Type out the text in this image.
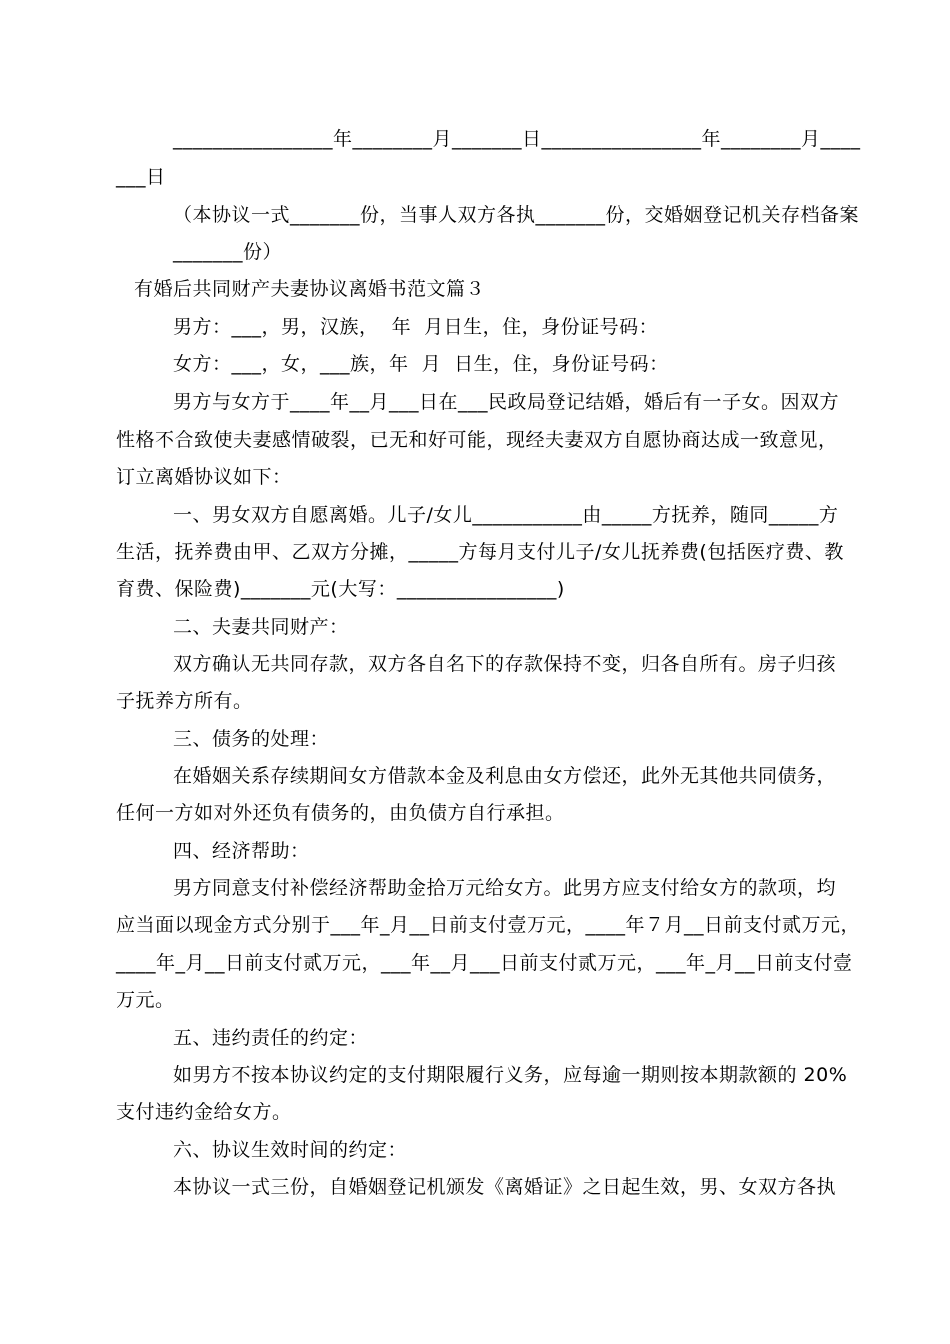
________________年________月_______日________________年________月____
___日
（本协议一式_______份，当事人双方各执_______份，交婚姻登记机关存档备案
_______份）
有婚后共同财产夫妻协议离婚书范文篇３
男方：___，男，汉族，  年  月日生，住，身份证号码：
女方：___，女，___族，年  月  日生，住，身份证号码：
男方与女方于____年__月___日在___民政局登记结婚，婚后有一子女。因双方
性格不合致使夫妻感情破裂，已无和好可能，现经夫妻双方自愿协商达成一致意见，
订立离婚协议如下：
一、男女双方自愿离婚。儿子/女儿___________由_____方抚养，随同_____方
生活，抚养费由甲、乙双方分摊，_____方每月支付儿子/女儿抚养费(包括医疗费、教
育费、保险费)_______元(大写：________________)
二、夫妻共同财产：
双方确认无共同存款，双方各自名下的存款保持不变，归各自所有。房子归孩
子抚养方所有。
三、债务的处理：
在婚姻关系存续期间女方借款本金及利息由女方偿还，此外无其他共同债务，
任何一方如对外还负有债务的，由负债方自行承担。
四、经济帮助：
男方同意支付补偿经济帮助金拾万元给女方。此男方应支付给女方的款项，均
应当面以现金方式分别于___年_月__日前支付壹万元，____年７月__日前支付贰万元，
____年_月__日前支付贰万元，___年__月___日前支付贰万元，___年_月__日前支付壹
万元。
五、违约责任的约定：
如男方不按本协议约定的支付期限履行义务，应每逾一期则按本期款额的 20%
支付违约金给女方。
六、协议生效时间的约定：
本协议一式三份，自婚姻登记机颁发《离婚证》之日起生效，男、女双方各执
